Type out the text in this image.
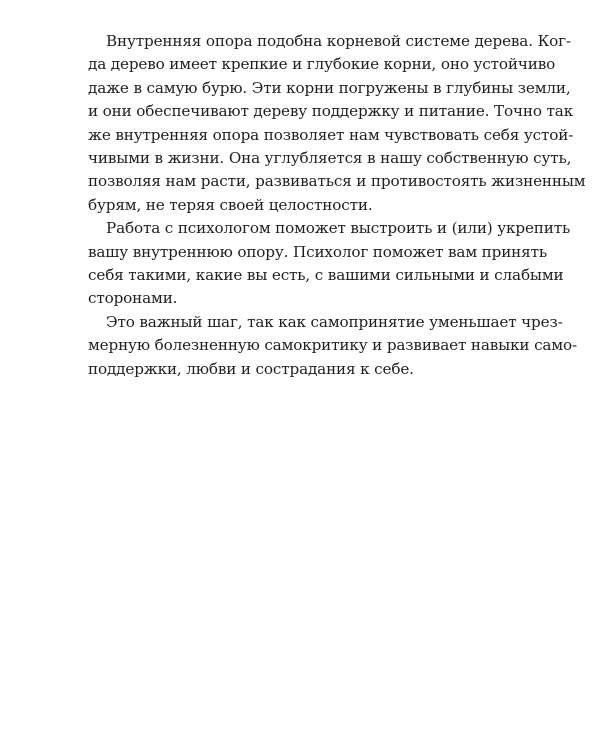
Внутренняя опора подобна корневой системе дерева. Ког-
да дерево имеет крепкие и глубокие корни, оно устойчиво
даже в самую бурю. Эти корни погружены в глубины земли,
и они обеспечивают дереву поддержку и питание. Точно так
же внутренняя опора позволяет нам чувствовать себя устой-
чивыми в жизни. Она углубляется в нашу собственную суть,
позволяя нам расти, развиваться и противостоять жизненным
бурям, не теряя своей целостности.

Работа с психологом поможет выстроить и (или) укрепить
вашу внутреннюю опору. Психолог поможет вам принять
себя такими, какие вы есть, с вашими сильными и слабыми
сторонами.

Это важный шаг, так как самопринятие уменьшает чрез-
мерную болезненную самокритику и развивает навыки само-
поддержки, любви и сострадания к себе.
